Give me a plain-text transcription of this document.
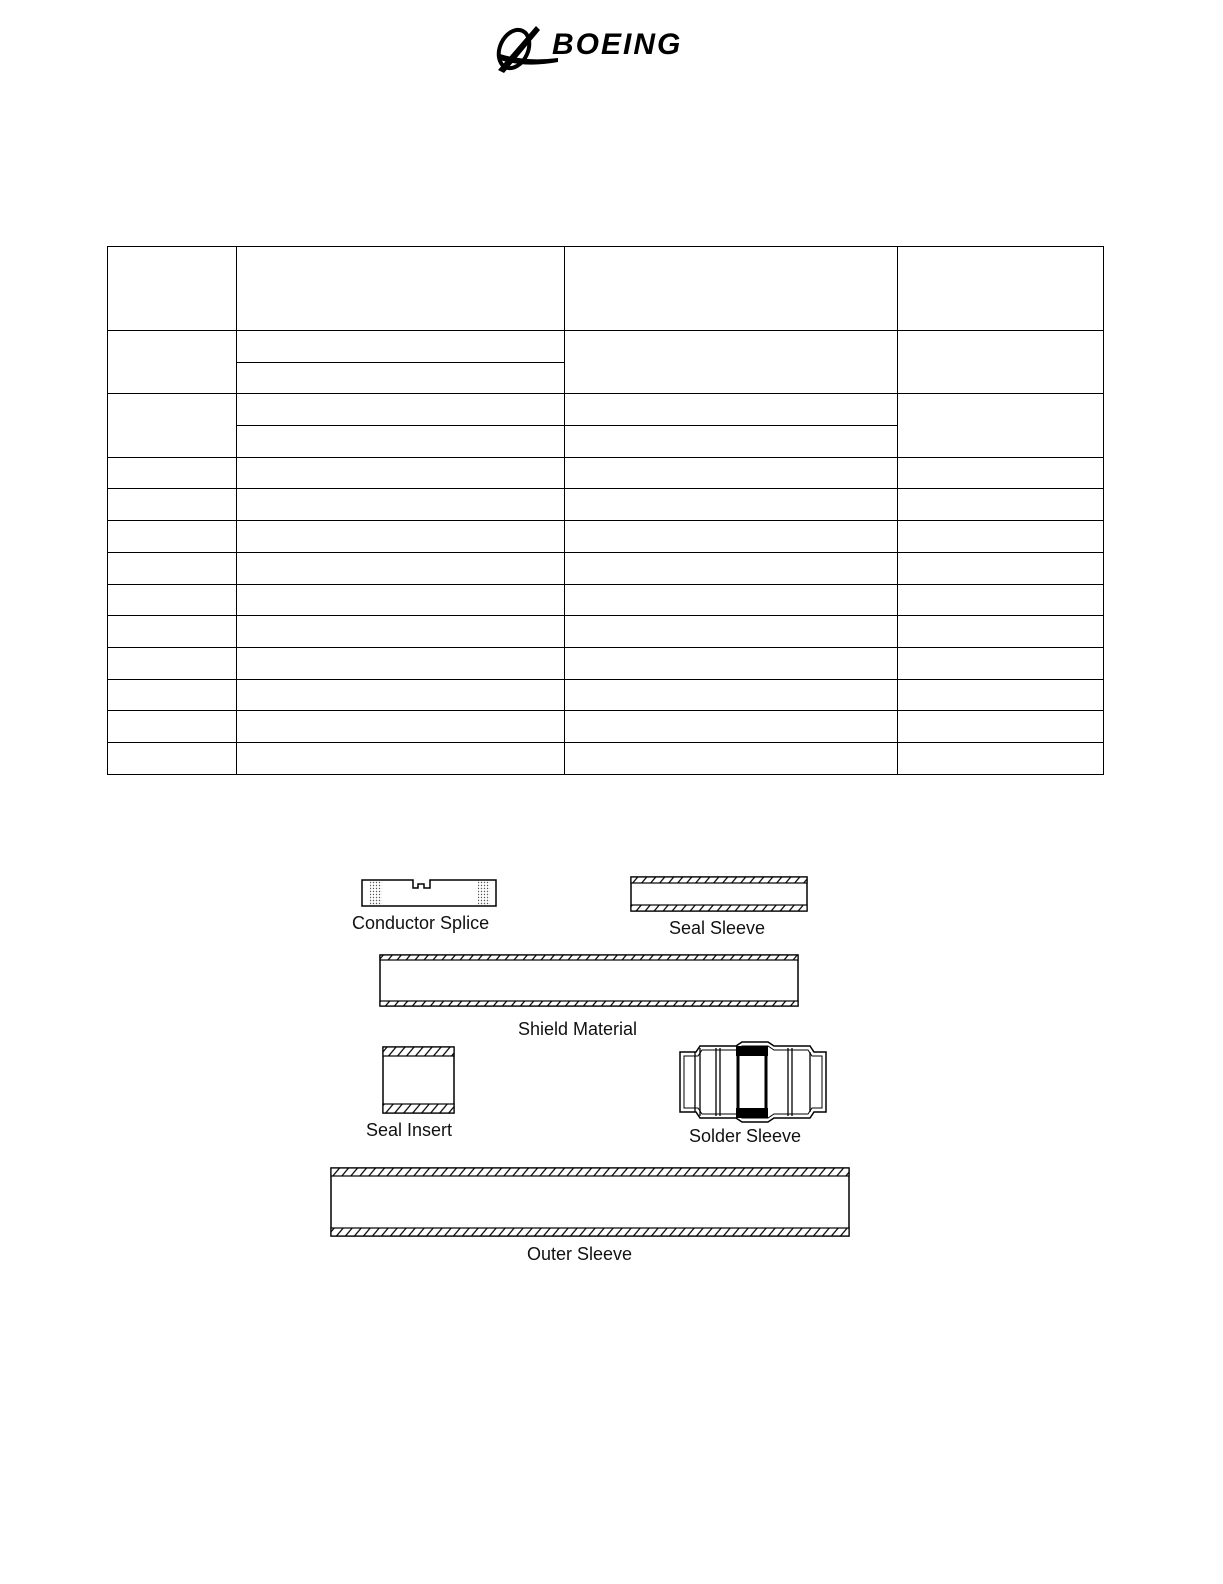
BOEING

Conductor Splice	Seal Sleeve
Shield Material
Seal Insert	Solder Sleeve
Outer Sleeve
